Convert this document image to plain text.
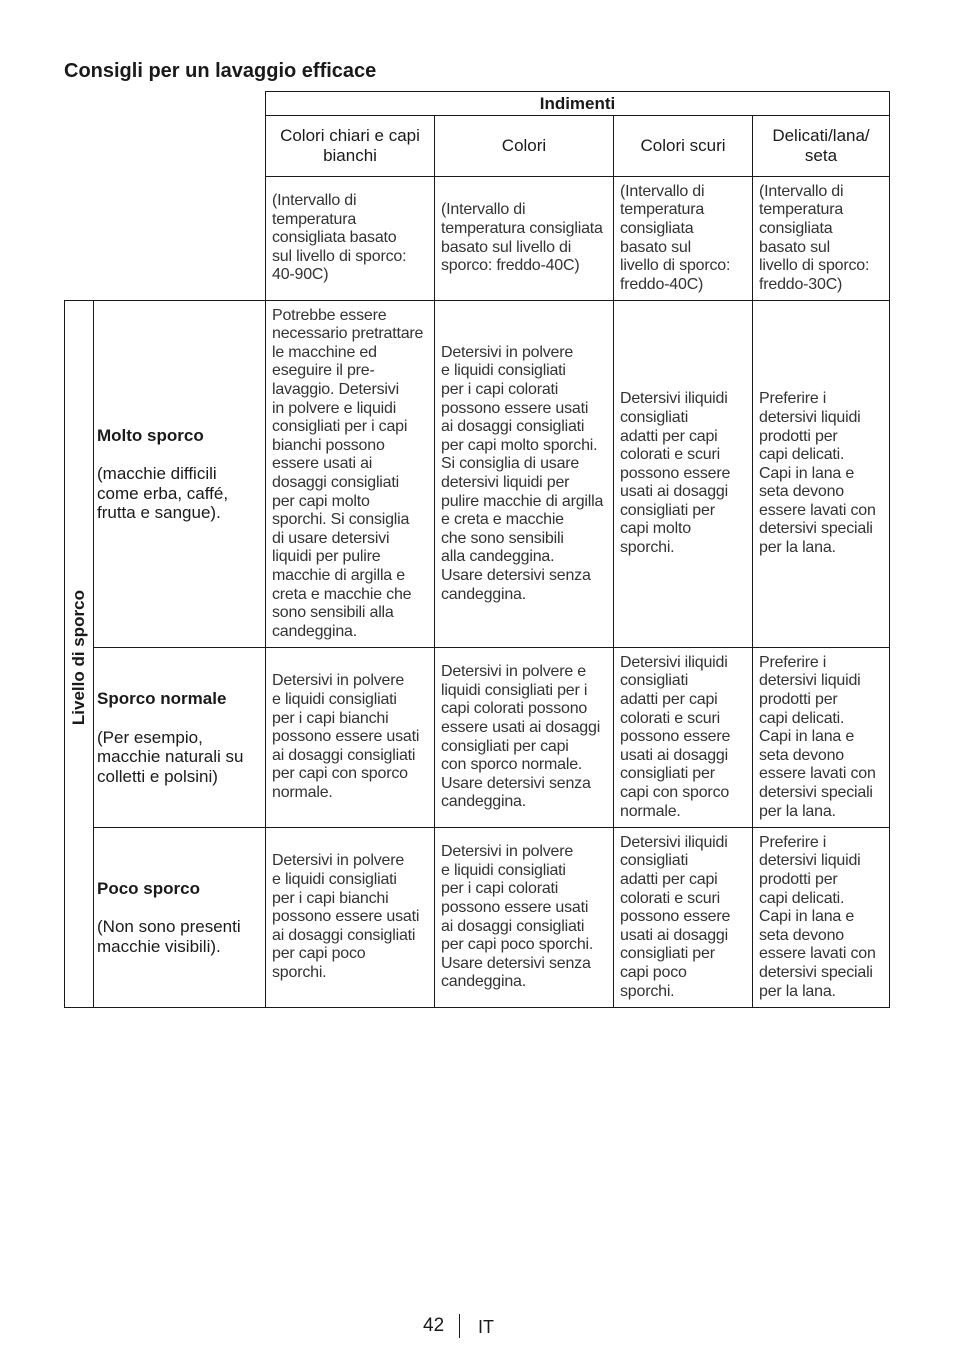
Consigli per un lavaggio efficace
Indimenti
Colori chiari e capi
bianchi
Colori	Colori scuri
Delicati/lana/
seta
(Intervallo di
temperatura
consigliata basato
sul livello di sporco:
40-90C)
(Intervallo di
temperatura consigliata
basato sul livello di
sporco: freddo-40C)
(Intervallo di
temperatura
consigliata
basato sul
livello di sporco:
freddo-40C)
(Intervallo di
temperatura
consigliata
basato sul
livello di sporco:
freddo-30C)
Livello di sporco
Molto sporco
(macchie difficili
come erba, caffé,
frutta e sangue).
Potrebbe essere
necessario pretrattare
le macchine ed
eseguire il pre-
lavaggio. Detersivi
in polvere e liquidi
consigliati per i capi
bianchi possono
essere usati ai
dosaggi consigliati
per capi molto
sporchi. Si consiglia
di usare detersivi
liquidi per pulire
macchie di argilla e
creta e macchie che
sono sensibili alla
candeggina.
Detersivi in polvere
e liquidi consigliati
per i capi colorati
possono essere usati
ai dosaggi consigliati
per capi molto sporchi.
Si consiglia di usare
detersivi liquidi per
pulire macchie di argilla
e creta e macchie
che sono sensibili
alla candeggina.
Usare detersivi senza
candeggina.
Detersivi iliquidi
consigliati
adatti per capi
colorati e scuri
possono essere
usati ai dosaggi
consigliati per
capi molto
sporchi.
Preferire i
detersivi liquidi
prodotti per
capi delicati.
Capi in lana e
seta devono
essere lavati con
detersivi speciali
per la lana.
Sporco normale
(Per esempio,
macchie naturali su
colletti e polsini)
Detersivi in polvere
e liquidi consigliati
per i capi bianchi
possono essere usati
ai dosaggi consigliati
per capi con sporco
normale.
Detersivi in polvere e
liquidi consigliati per i
capi colorati possono
essere usati ai dosaggi
consigliati per capi
con sporco normale.
Usare detersivi senza
candeggina.
Detersivi iliquidi
consigliati
adatti per capi
colorati e scuri
possono essere
usati ai dosaggi
consigliati per
capi con sporco
normale.
Preferire i
detersivi liquidi
prodotti per
capi delicati.
Capi in lana e
seta devono
essere lavati con
detersivi speciali
per la lana.
Poco sporco
(Non sono presenti
macchie visibili).
Detersivi in polvere
e liquidi consigliati
per i capi bianchi
possono essere usati
ai dosaggi consigliati
per capi poco
sporchi.
Detersivi in polvere
e liquidi consigliati
per i capi colorati
possono essere usati
ai dosaggi consigliati
per capi poco sporchi.
Usare detersivi senza
candeggina.
Detersivi iliquidi
consigliati
adatti per capi
colorati e scuri
possono essere
usati ai dosaggi
consigliati per
capi poco
sporchi.
Preferire i
detersivi liquidi
prodotti per
capi delicati.
Capi in lana e
seta devono
essere lavati con
detersivi speciali
per la lana.
42 IT
